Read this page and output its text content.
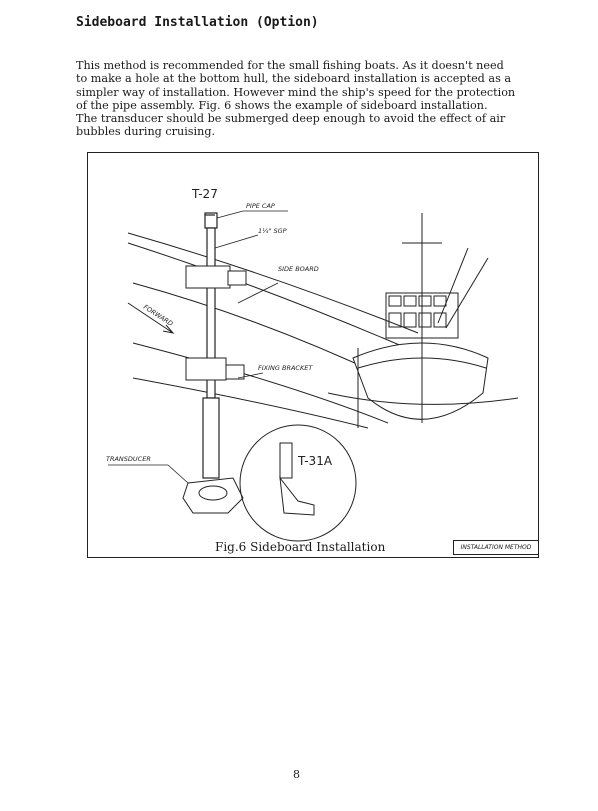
Sideboard Installation (Option)
This method is recommended for the small fishing boats. As it doesn't need
to make a hole at the bottom hull, the sideboard installation is accepted as a
simpler way of installation. However mind the ship's speed for the protection
of the pipe assembly. Fig. 6 shows the example of sideboard installation.
The transducer should be submerged deep enough to avoid the effect of air
bubbles during cruising.
T-27
PIPE CAP
1¼" SGP
SIDE BOARD
FORWARD
FIXING BRACKET
TRANSDUCER	T-31A
Fig.6 Sideboard Installation	INSTALLATION METHOD
8
